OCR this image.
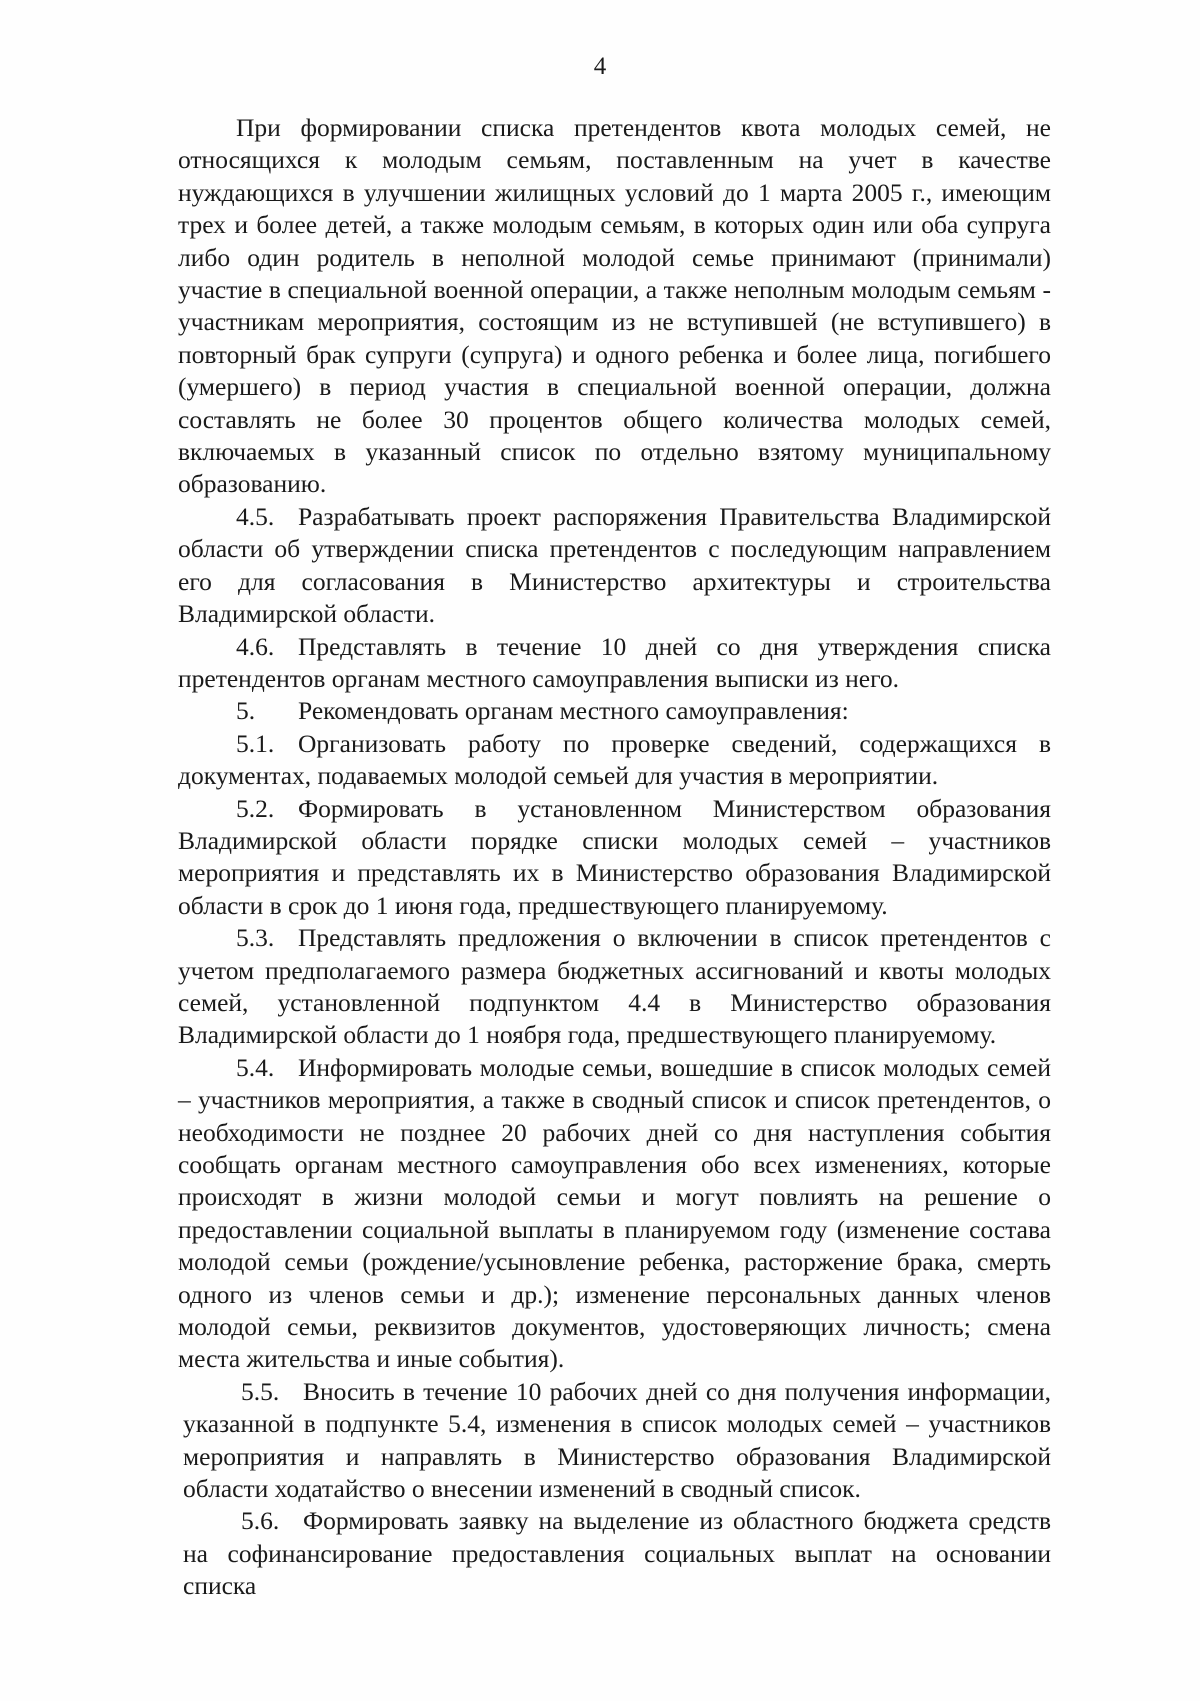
4

При формировании списка претендентов квота молодых семей, не относящихся к молодым семьям, поставленным на учет в качестве нуждающихся в улучшении жилищных условий до 1 марта 2005 г., имеющим трех и более детей, а также молодым семьям, в которых один или оба супруга либо один родитель в неполной молодой семье принимают (принимали) участие в специальной военной операции, а также неполным молодым семьям - участникам мероприятия, состоящим из не вступившей (не вступившего) в повторный брак супруги (супруга) и одного ребенка и более лица, погибшего (умершего) в период участия в специальной военной операции, должна составлять не более 30 процентов общего количества молодых семей, включаемых в указанный список по отдельно взятому муниципальному образованию.

4.5. Разрабатывать проект распоряжения Правительства Владимирской области об утверждении списка претендентов с последующим направлением его для согласования в Министерство архитектуры и строительства Владимирской области.

4.6. Представлять в течение 10 дней со дня утверждения списка претендентов органам местного самоуправления выписки из него.

5. Рекомендовать органам местного самоуправления:

5.1. Организовать работу по проверке сведений, содержащихся в документах, подаваемых молодой семьей для участия в мероприятии.

5.2. Формировать в установленном Министерством образования Владимирской области порядке списки молодых семей – участников мероприятия и представлять их в Министерство образования Владимирской области в срок до 1 июня года, предшествующего планируемому.

5.3. Представлять предложения о включении в список претендентов с учетом предполагаемого размера бюджетных ассигнований и квоты молодых семей, установленной подпунктом 4.4 в Министерство образования Владимирской области до 1 ноября года, предшествующего планируемому.

5.4. Информировать молодые семьи, вошедшие в список молодых семей – участников мероприятия, а также в сводный список и список претендентов, о необходимости не позднее 20 рабочих дней со дня наступления события сообщать органам местного самоуправления обо всех изменениях, которые происходят в жизни молодой семьи и могут повлиять на решение о предоставлении социальной выплаты в планируемом году (изменение состава молодой семьи (рождение/усыновление ребенка, расторжение брака, смерть одного из членов семьи и др.); изменение персональных данных членов молодой семьи, реквизитов документов, удостоверяющих личность; смена места жительства и иные события).

5.5. Вносить в течение 10 рабочих дней со дня получения информации, указанной в подпункте 5.4, изменения в список молодых семей – участников мероприятия и направлять в Министерство образования Владимирской области ходатайство о внесении изменений в сводный список.

5.6. Формировать заявку на выделение из областного бюджета средств на софинансирование предоставления социальных выплат на основании списка
